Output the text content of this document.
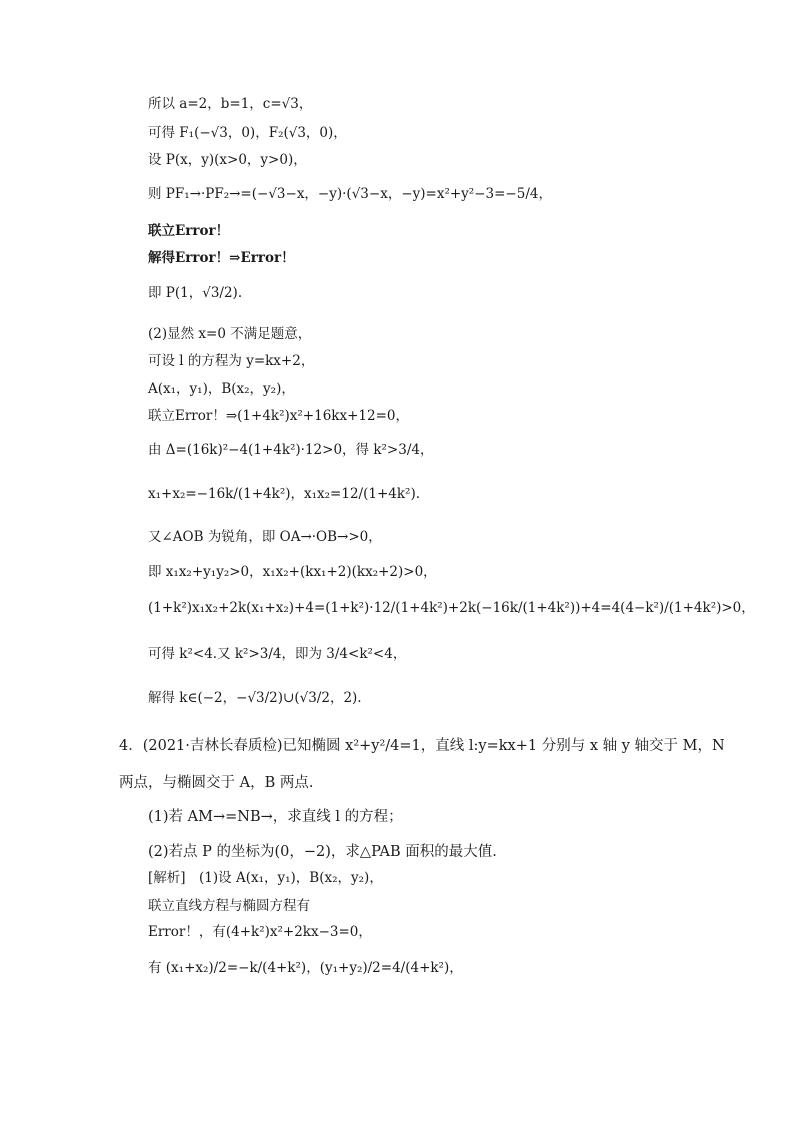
所以 a=2，b=1，c=√3，
可得 F₁(−√3，0)，F₂(√3，0)，
设 P(x，y)(x>0，y>0)，
则 PF₁→·PF₂→=(−√3−x，−y)·(√3−x，−y)=x²+y²−3=−5/4，
联立Error！
解得Error！⇒Error！
即 P(1，√3/2).
(2)显然 x=0 不满足题意，
可设 l 的方程为 y=kx+2，
A(x₁，y₁)，B(x₂，y₂)，
联立Error！⇒(1+4k²)x²+16kx+12=0，
由 Δ=(16k)²−4(1+4k²)·12>0，得 k²>3/4，
x₁+x₂=−16k/(1+4k²)，x₁x₂=12/(1+4k²).
又∠AOB 为锐角，即 OA→·OB→>0，
即 x₁x₂+y₁y₂>0，x₁x₂+(kx₁+2)(kx₂+2)>0，
(1+k²)x₁x₂+2k(x₁+x₂)+4=(1+k²)·12/(1+4k²)+2k(−16k/(1+4k²))+4=4(4−k²)/(1+4k²)>0，
可得 k²<4.又 k²>3/4，即为 3/4<k²<4，
解得 k∈(−2，−√3/2)∪(√3/2，2).
4．(2021·吉林长春质检)已知椭圆 x²+y²/4=1，直线 l:y=kx+1 分别与 x 轴 y 轴交于 M，N
两点，与椭圆交于 A，B 两点.
(1)若 AM→=NB→，求直线 l 的方程；
(2)若点 P 的坐标为(0，−2)，求△PAB 面积的最大值.
[解析]　(1)设 A(x₁，y₁)，B(x₂，y₂)，
联立直线方程与椭圆方程有
Error！，有(4+k²)x²+2kx−3=0，
有 (x₁+x₂)/2=−k/(4+k²)，(y₁+y₂)/2=4/(4+k²)，
